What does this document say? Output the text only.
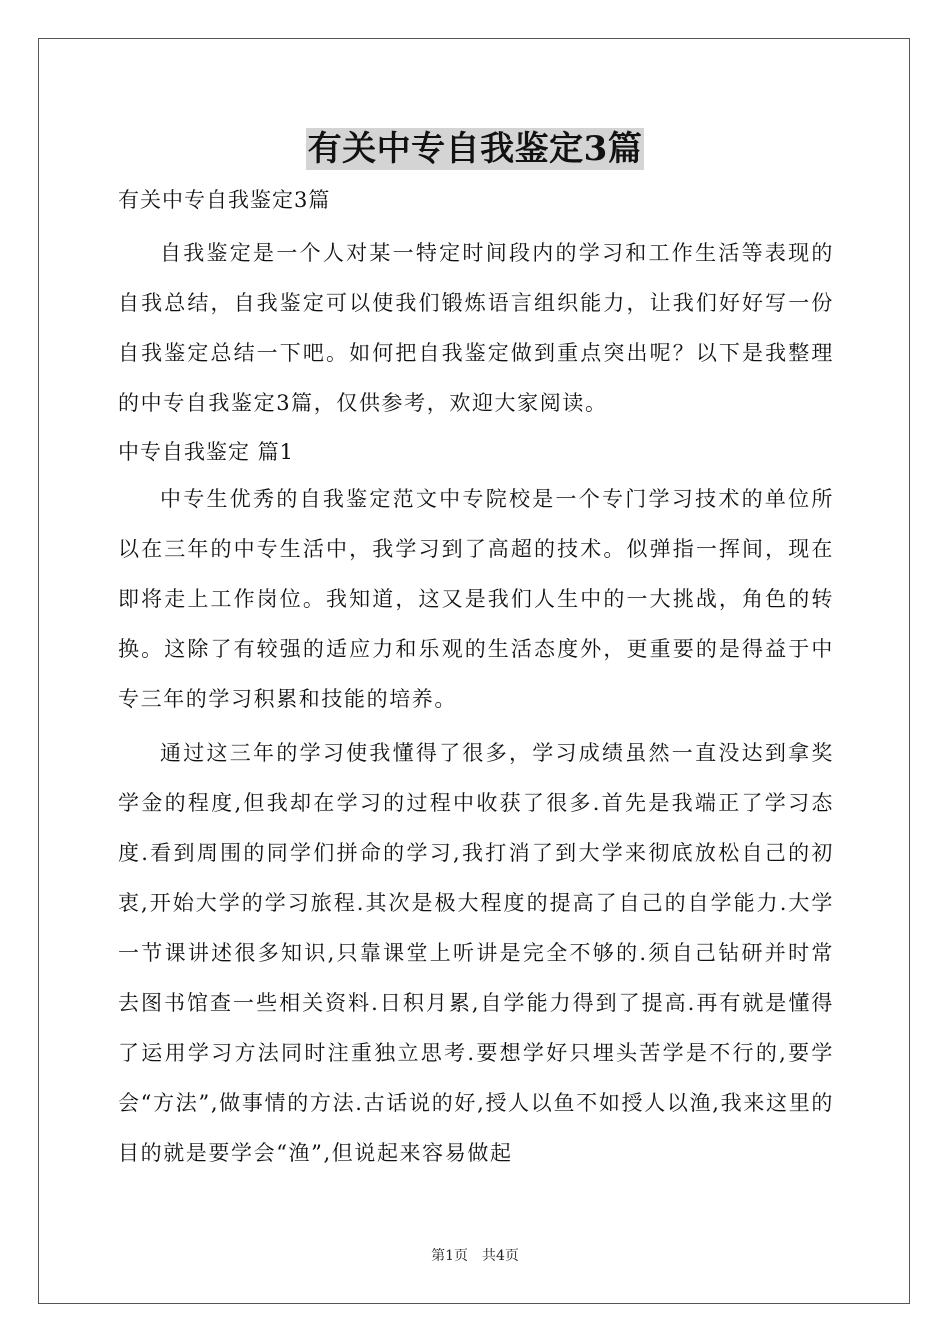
有关中专自我鉴定3篇

有关中专自我鉴定3篇

自我鉴定是一个人对某一特定时间段内的学习和工作生活等表现的自我总结，自我鉴定可以使我们锻炼语言组织能力，让我们好好写一份自我鉴定总结一下吧。如何把自我鉴定做到重点突出呢？以下是我整理的中专自我鉴定3篇，仅供参考，欢迎大家阅读。

中专自我鉴定 篇1

中专生优秀的自我鉴定范文中专院校是一个专门学习技术的单位所以在三年的中专生活中，我学习到了高超的技术。似弹指一挥间，现在即将走上工作岗位。我知道，这又是我们人生中的一大挑战，角色的转换。这除了有较强的适应力和乐观的生活态度外，更重要的是得益于中专三年的学习积累和技能的培养。

通过这三年的学习使我懂得了很多，学习成绩虽然一直没达到拿奖学金的程度,但我却在学习的过程中收获了很多.首先是我端正了学习态度.看到周围的同学们拼命的学习,我打消了到大学来彻底放松自己的初衷,开始大学的学习旅程.其次是极大程度的提高了自己的自学能力.大学一节课讲述很多知识,只靠课堂上听讲是完全不够的.须自己钻研并时常去图书馆查一些相关资料.日积月累,自学能力得到了提高.再有就是懂得了运用学习方法同时注重独立思考.要想学好只埋头苦学是不行的,要学会“方法”,做事情的方法.古话说的好,授人以鱼不如授人以渔,我来这里的目的就是要学会“渔”,但说起来容易做起

第1页　共4页
